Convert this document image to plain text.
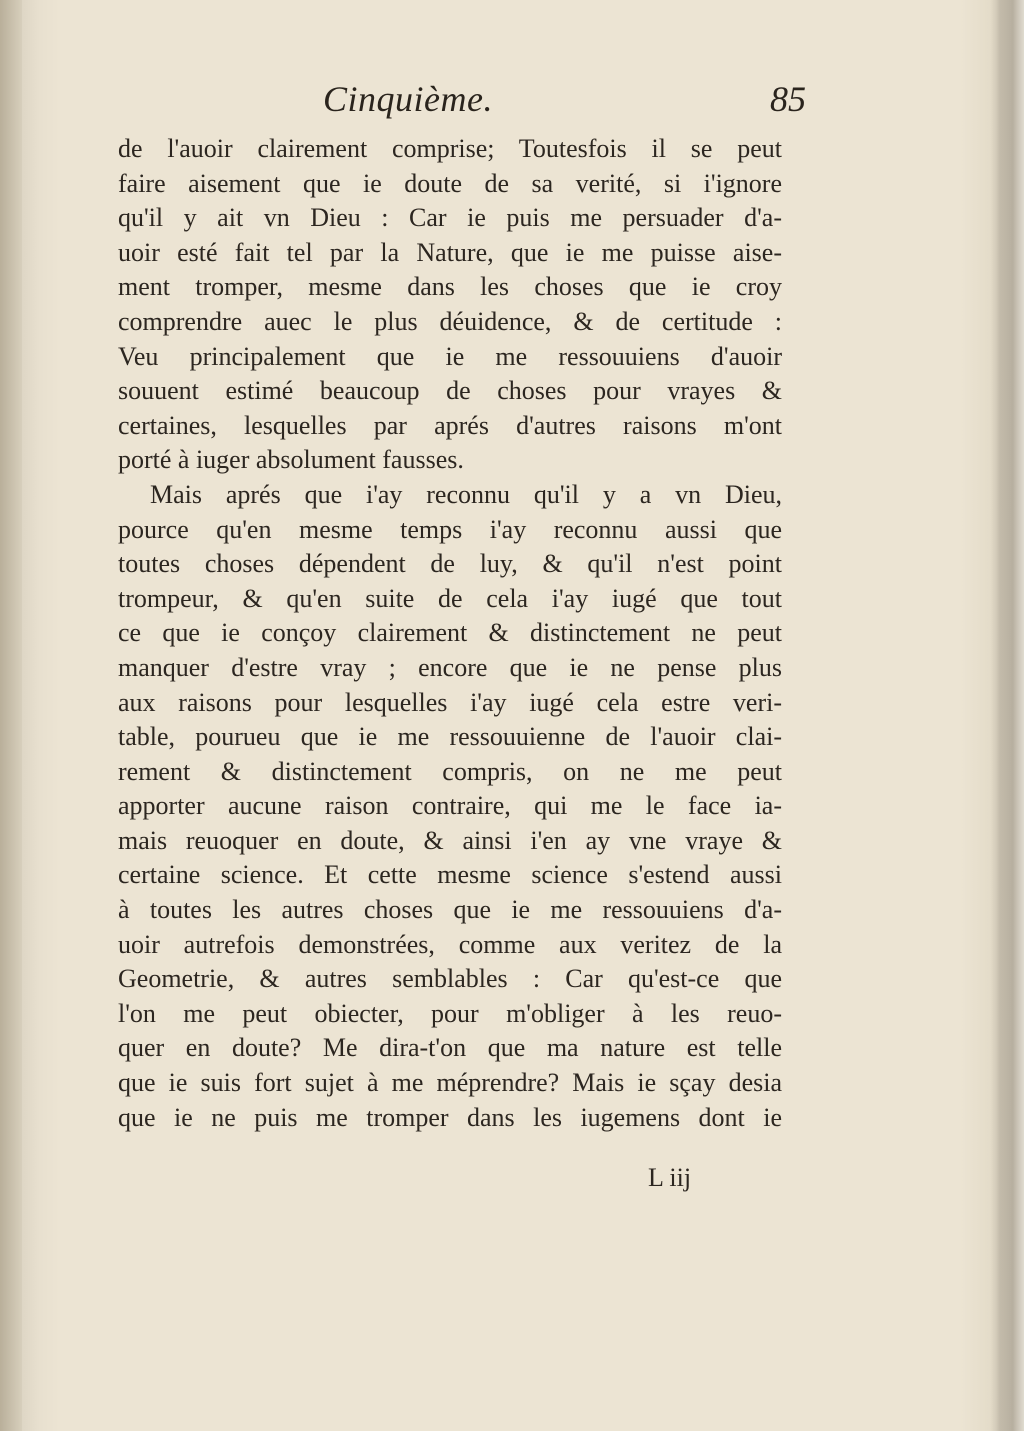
Cinquième.	85
de l'auoir clairement comprise; Toutesfois il se peut
faire aisement que ie doute de sa verité, si i'ignore
qu'il y ait vn Dieu : Car ie puis me persuader d'a-
uoir esté fait tel par la Nature, que ie me puisse aise-
ment tromper, mesme dans les choses que ie croy
comprendre auec le plus déuidence, & de certitude :
Veu principalement que ie me ressouuiens d'auoir
souuent estimé beaucoup de choses pour vrayes &
certaines, lesquelles par aprés d'autres raisons m'ont
porté à iuger absolument fausses.
Mais aprés que i'ay reconnu qu'il y a vn Dieu,
pource qu'en mesme temps i'ay reconnu aussi que
toutes choses dépendent de luy, & qu'il n'est point
trompeur, & qu'en suite de cela i'ay iugé que tout
ce que ie conçoy clairement & distinctement ne peut
manquer d'estre vray ; encore que ie ne pense plus
aux raisons pour lesquelles i'ay iugé cela estre veri-
table, pourueu que ie me ressouuienne de l'auoir clai-
rement & distinctement compris, on ne me peut
apporter aucune raison contraire, qui me le face ia-
mais reuoquer en doute, & ainsi i'en ay vne vraye &
certaine science. Et cette mesme science s'estend aussi
à toutes les autres choses que ie me ressouuiens d'a-
uoir autrefois demonstrées, comme aux veritez de la
Geometrie, & autres semblables : Car qu'est-ce que
l'on me peut obiecter, pour m'obliger à les reuo-
quer en doute? Me dira-t'on que ma nature est telle
que ie suis fort sujet à me méprendre? Mais ie sçay desia
que ie ne puis me tromper dans les iugemens dont ie
L iij
